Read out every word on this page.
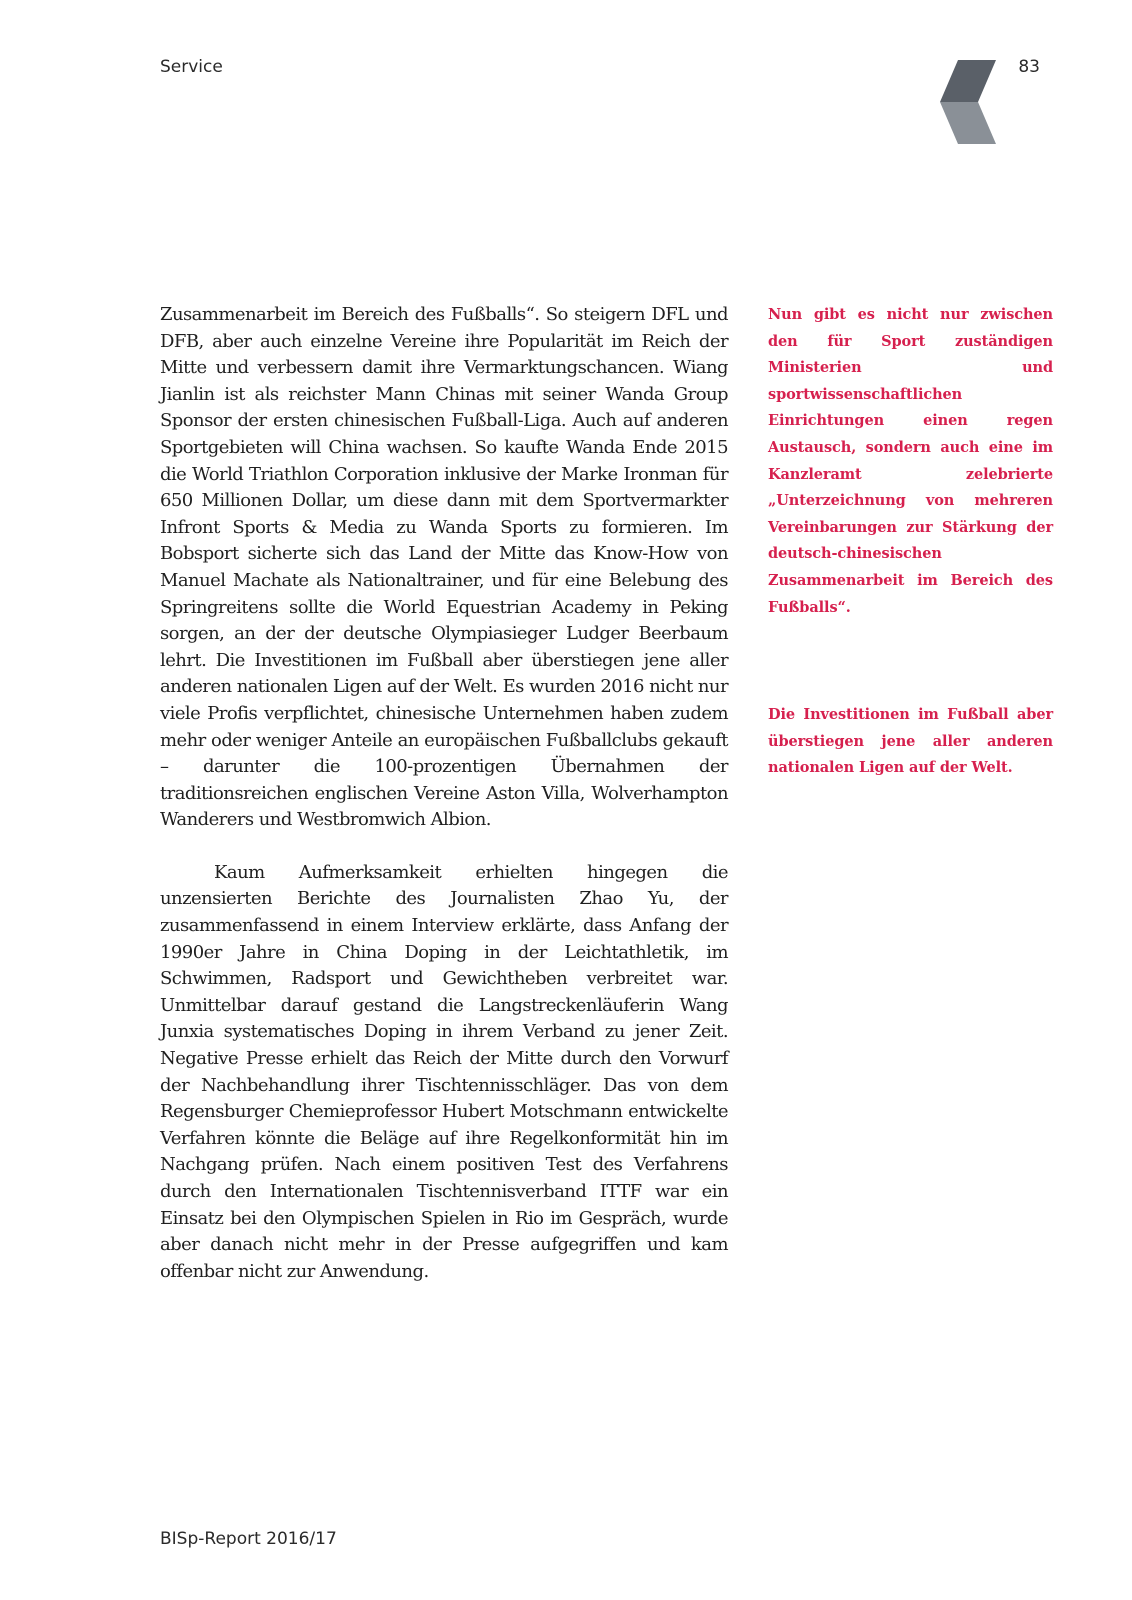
Service	83

Zusammenarbeit im Bereich des Fußballs“. So steigern DFL und DFB, aber auch einzelne Vereine ihre Popularität im Reich der Mitte und verbessern damit ihre Vermarktungschancen. Wiang Jianlin ist als reichster Mann Chinas mit seiner Wanda Group Sponsor der ersten chinesischen Fußball-Liga. Auch auf anderen Sportgebieten will China wachsen. So kaufte Wanda Ende 2015 die World Triathlon Corporation inklusive der Marke Ironman für 650 Millionen Dollar, um diese dann mit dem Sportvermarkter Infront Sports & Media zu Wanda Sports zu formieren. Im Bobsport sicherte sich das Land der Mitte das Know-How von Manuel Machate als Nationaltrainer, und für eine Belebung des Springreitens sollte die World Equestrian Academy in Peking sorgen, an der der deutsche Olympiasieger Ludger Beerbaum lehrt. Die Investitionen im Fußball aber überstiegen jene aller anderen nationalen Ligen auf der Welt. Es wurden 2016 nicht nur viele Profis verpflichtet, chinesische Unternehmen haben zudem mehr oder weniger Anteile an europäischen Fußballclubs gekauft – darunter die 100-prozentigen Übernahmen der traditionsreichen englischen Vereine Aston Villa, Wolverhampton Wanderers und Westbromwich Albion.

Kaum Aufmerksamkeit erhielten hingegen die unzensierten Berichte des Journalisten Zhao Yu, der zusammenfassend in einem Interview erklärte, dass Anfang der 1990er Jahre in China Doping in der Leichtathletik, im Schwimmen, Radsport und Gewichtheben verbreitet war. Unmittelbar darauf gestand die Langstreckenläuferin Wang Junxia systematisches Doping in ihrem Verband zu jener Zeit. Negative Presse erhielt das Reich der Mitte durch den Vorwurf der Nachbehandlung ihrer Tischtennisschläger. Das von dem Regensburger Chemieprofessor Hubert Motschmann entwickelte Verfahren könnte die Beläge auf ihre Regelkonformität hin im Nachgang prüfen. Nach einem positiven Test des Verfahrens durch den Internationalen Tischtennisverband ITTF war ein Einsatz bei den Olympischen Spielen in Rio im Gespräch, wurde aber danach nicht mehr in der Presse aufgegriffen und kam offenbar nicht zur Anwendung.

Nun gibt es nicht nur zwischen den für Sport zuständigen Ministerien und sportwissenschaftlichen Einrichtungen einen regen Austausch, sondern auch eine im Kanzleramt zelebrierte „Unterzeichnung von mehreren Vereinbarungen zur Stärkung der deutsch-chinesischen Zusammenarbeit im Bereich des Fußballs“.
Die Investitionen im Fußball aber überstiegen jene aller anderen nationalen Ligen auf der Welt.
BISp-Report 2016/17
